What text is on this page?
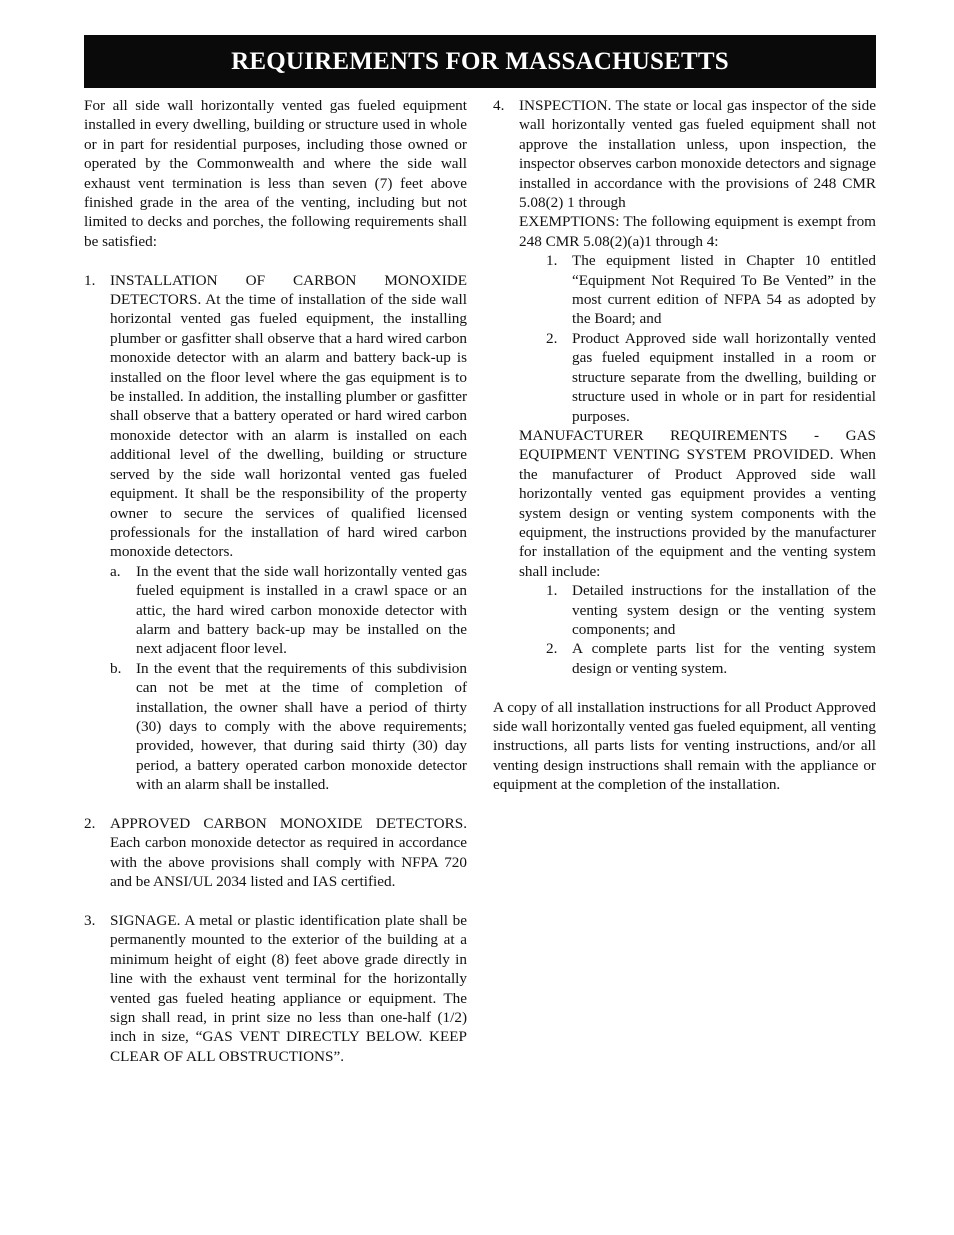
REQUIREMENTS FOR MASSACHUSETTS

For all side wall horizontally vented gas fueled equipment installed in every dwelling, building or structure used in whole or in part for residential purposes, including those owned or operated by the Commonwealth and where the side wall exhaust vent termination is less than seven (7) feet above finished grade in the area of the venting, including but not limited to decks and porches, the following requirements shall be satisfied:

1. INSTALLATION OF CARBON MONOXIDE DETECTORS. At the time of installation of the side wall horizontal vented gas fueled equipment, the installing plumber or gasfitter shall observe that a hard wired carbon monoxide detector with an alarm and battery back-up is installed on the floor level where the gas equipment is to be installed. In addition, the installing plumber or gasfitter shall observe that a battery operated or hard wired carbon monoxide detector with an alarm is installed on each additional level of the dwelling, building or structure served by the side wall horizontal vented gas fueled equipment. It shall be the responsibility of the property owner to secure the services of qualified licensed professionals for the installation of hard wired carbon monoxide detectors.

a. In the event that the side wall horizontally vented gas fueled equipment is installed in a crawl space or an attic, the hard wired carbon monoxide detector with alarm and battery back-up may be installed on the next adjacent floor level.

b. In the event that the requirements of this subdivision can not be met at the time of completion of installation, the owner shall have a period of thirty (30) days to comply with the above requirements; provided, however, that during said thirty (30) day period, a battery operated carbon monoxide detector with an alarm shall be installed.

2. APPROVED CARBON MONOXIDE DETECTORS. Each carbon monoxide detector as required in accordance with the above provisions shall comply with NFPA 720 and be ANSI/UL 2034 listed and IAS certified.

3. SIGNAGE. A metal or plastic identification plate shall be permanently mounted to the exterior of the building at a minimum height of eight (8) feet above grade directly in line with the exhaust vent terminal for the horizontally vented gas fueled heating appliance or equipment. The sign shall read, in print size no less than one-half (1/2) inch in size, “GAS VENT DIRECTLY BELOW. KEEP CLEAR OF ALL OBSTRUCTIONS”.

4. INSPECTION. The state or local gas inspector of the side wall horizontally vented gas fueled equipment shall not approve the installation unless, upon inspection, the inspector observes carbon monoxide detectors and signage installed in accordance with the provisions of 248 CMR 5.08(2) 1 through

EXEMPTIONS: The following equipment is exempt from 248 CMR 5.08(2)(a)1 through 4:

1. The equipment listed in Chapter 10 entitled “Equipment Not Required To Be Vented” in the most current edition of NFPA 54 as adopted by the Board; and

2. Product Approved side wall horizontally vented gas fueled equipment installed in a room or structure separate from the dwelling, building or structure used in whole or in part for residential purposes.

MANUFACTURER REQUIREMENTS - GAS EQUIPMENT VENTING SYSTEM PROVIDED. When the manufacturer of Product Approved side wall horizontally vented gas equipment provides a venting system design or venting system components with the equipment, the instructions provided by the manufacturer for installation of the equipment and the venting system shall include:

1. Detailed instructions for the installation of the venting system design or the venting system components; and

2. A complete parts list for the venting system design or venting system.

A copy of all installation instructions for all Product Approved side wall horizontally vented gas fueled equipment, all venting instructions, all parts lists for venting instructions, and/or all venting design instructions shall remain with the appliance or equipment at the completion of the installation.
